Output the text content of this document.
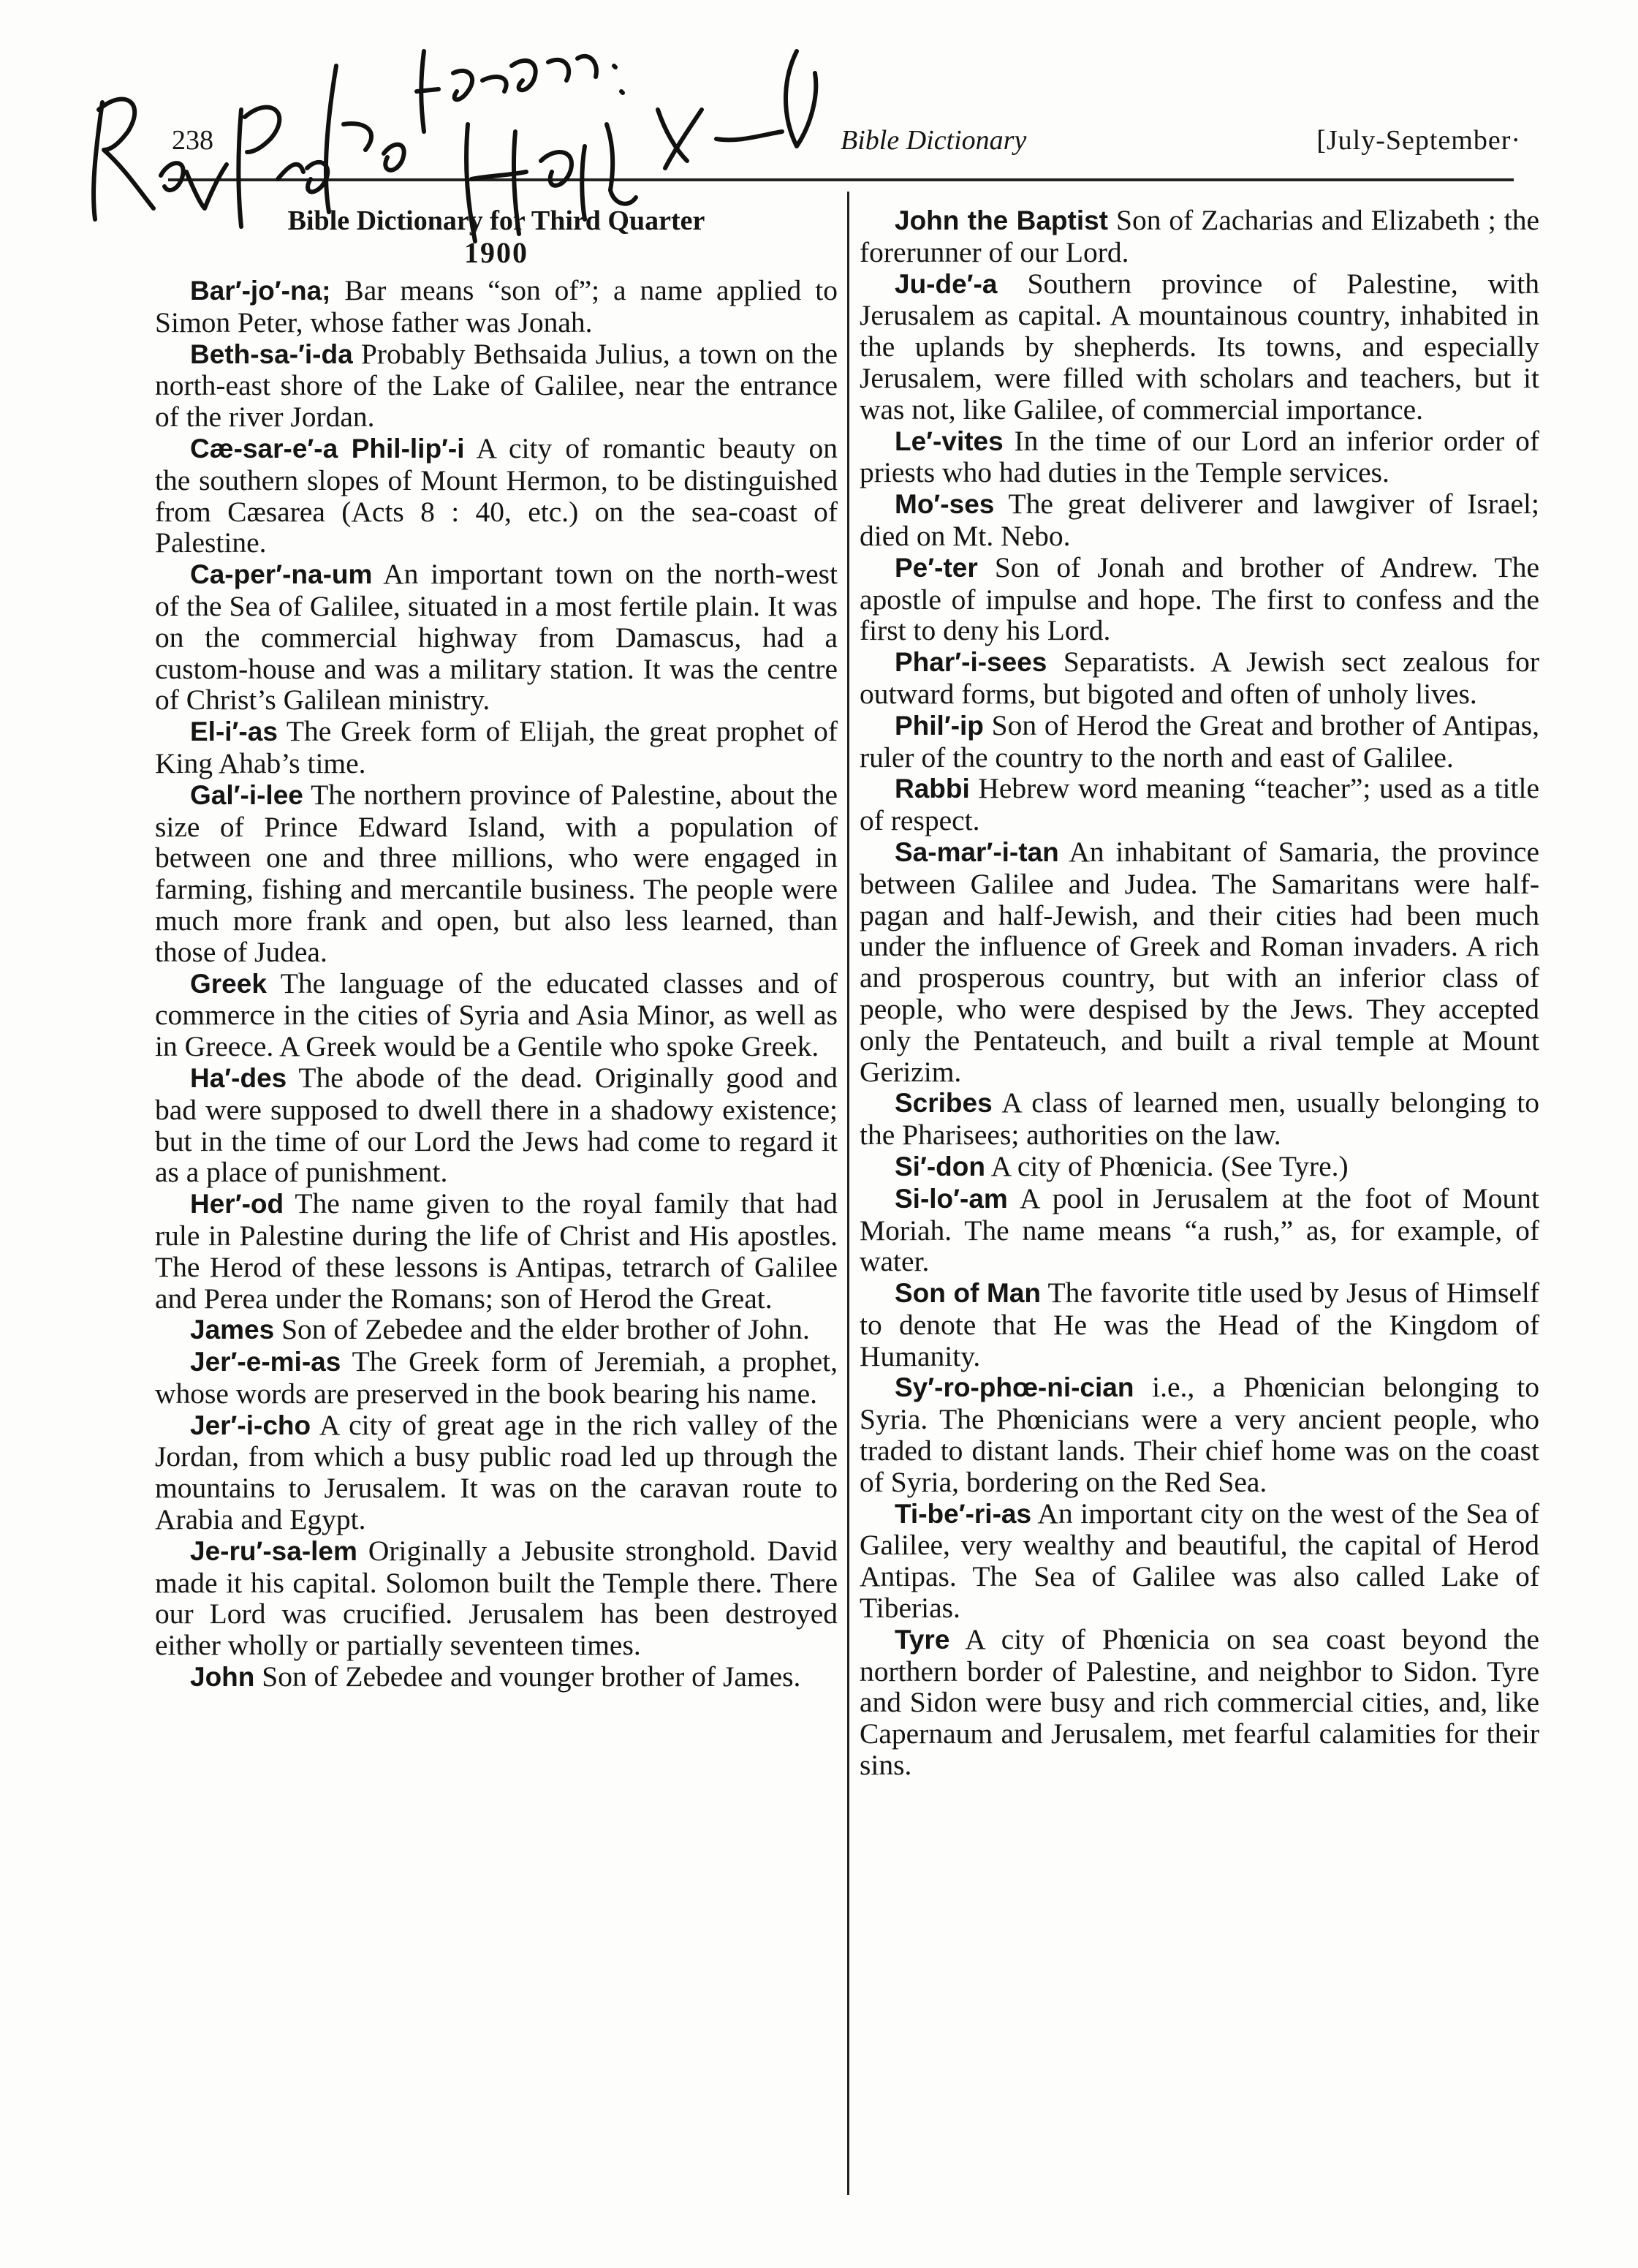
238	Bible Dictionary	[July-September·
Bible Dictionary for Third Quarter
1900

Bar′-jo′-na; Bar means “son of”; a name applied to Simon Peter, whose father was Jonah.

Beth-sa-′i-da Probably Bethsaida Julius, a town on the north-east shore of the Lake of Galilee, near the entrance of the river Jordan.

Cæ-sar-e′-a Phil-lip′-i A city of romantic beauty on the southern slopes of Mount Hermon, to be distinguished from Cæsarea (Acts 8 : 40, etc.) on the sea-coast of Palestine.

Ca-per′-na-um An important town on the north-west of the Sea of Galilee, situated in a most fertile plain. It was on the commercial highway from Damascus, had a custom-house and was a military station. It was the centre of Christ’s Galilean ministry.

El-i′-as The Greek form of Elijah, the great prophet of King Ahab’s time.

Gal′-i-lee The northern province of Palestine, about the size of Prince Edward Island, with a population of between one and three millions, who were engaged in farming, fishing and mercantile business. The people were much more frank and open, but also less learned, than those of Judea.

Greek The language of the educated classes and of commerce in the cities of Syria and Asia Minor, as well as in Greece. A Greek would be a Gentile who spoke Greek.

Ha′-des The abode of the dead. Originally good and bad were supposed to dwell there in a shadowy existence; but in the time of our Lord the Jews had come to regard it as a place of punishment.

Her′-od The name given to the royal family that had rule in Palestine during the life of Christ and His apostles. The Herod of these lessons is Antipas, tetrarch of Galilee and Perea under the Romans; son of Herod the Great.

James Son of Zebedee and the elder brother of John.

Jer′-e-mi-as The Greek form of Jeremiah, a prophet, whose words are preserved in the book bearing his name.

Jer′-i-cho A city of great age in the rich valley of the Jordan, from which a busy public road led up through the mountains to Jerusalem. It was on the caravan route to Arabia and Egypt.

Je-ru′-sa-lem Originally a Jebusite stronghold. David made it his capital. Solomon built the Temple there. There our Lord was crucified. Jerusalem has been destroyed either wholly or partially seventeen times.

John Son of Zebedee and vounger brother of James.

John the Baptist Son of Zacharias and Elizabeth ; the forerunner of our Lord.

Ju-de′-a Southern province of Palestine, with Jerusalem as capital. A mountainous country, inhabited in the uplands by shepherds. Its towns, and especially Jerusalem, were filled with scholars and teachers, but it was not, like Galilee, of commercial importance.

Le′-vites In the time of our Lord an inferior order of priests who had duties in the Temple services.

Mo′-ses The great deliverer and lawgiver of Israel; died on Mt. Nebo.

Pe′-ter Son of Jonah and brother of Andrew. The apostle of impulse and hope. The first to confess and the first to deny his Lord.

Phar′-i-sees Separatists. A Jewish sect zealous for outward forms, but bigoted and often of unholy lives.

Phil′-ip Son of Herod the Great and brother of Antipas, ruler of the country to the north and east of Galilee.

Rabbi Hebrew word meaning “teacher”; used as a title of respect.

Sa-mar′-i-tan An inhabitant of Samaria, the province between Galilee and Judea. The Samaritans were half-pagan and half-Jewish, and their cities had been much under the influence of Greek and Roman invaders. A rich and prosperous country, but with an inferior class of people, who were despised by the Jews. They accepted only the Pentateuch, and built a rival temple at Mount Gerizim.

Scribes A class of learned men, usually belonging to the Pharisees; authorities on the law.

Si′-don A city of Phœnicia. (See Tyre.)

Si-lo′-am A pool in Jerusalem at the foot of Mount Moriah. The name means “a rush,” as, for example, of water.

Son of Man The favorite title used by Jesus of Himself to denote that He was the Head of the Kingdom of Humanity.

Sy′-ro-phœ-ni-cian i.e., a Phœnician belonging to Syria. The Phœnicians were a very ancient people, who traded to distant lands. Their chief home was on the coast of Syria, bordering on the Red Sea.

Ti-be′-ri-as An important city on the west of the Sea of Galilee, very wealthy and beautiful, the capital of Herod Antipas. The Sea of Galilee was also called Lake of Tiberias.

Tyre A city of Phœnicia on sea coast beyond the northern border of Palestine, and neighbor to Sidon. Tyre and Sidon were busy and rich commercial cities, and, like Capernaum and Jerusalem, met fearful calamities for their sins.
